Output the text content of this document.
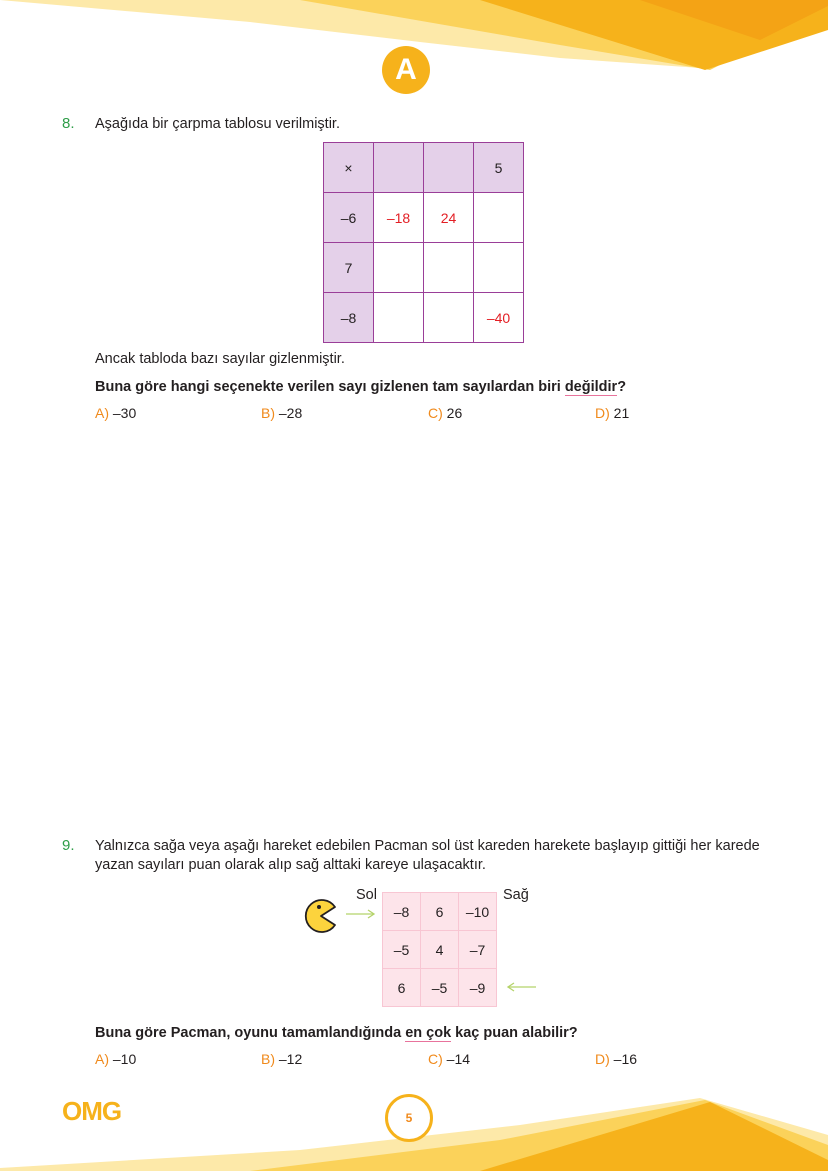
A
8. Aşağıda bir çarpma tablosu verilmiştir.
×			5
–6	–18	24	
7			
–8			–40
Ancak tabloda bazı sayılar gizlenmiştir.
Buna göre hangi seçenekte verilen sayı gizlenen tam sayılardan biri değildir?
A) –30	B) –28	C) 26	D) 21
9. Yalnızca sağa veya aşağı hareket edebilen Pacman sol üst kareden harekete başlayıp gittiği her karede
yazan sayıları puan olarak alıp sağ alttaki kareye ulaşacaktır.
Sol	Sağ
–8	6	–10
–5	4	–7
6	–5	–9
Buna göre Pacman, oyunu tamamlandığında en çok kaç puan alabilir?
A) –10	B) –12	C) –14	D) –16
OMG	5
